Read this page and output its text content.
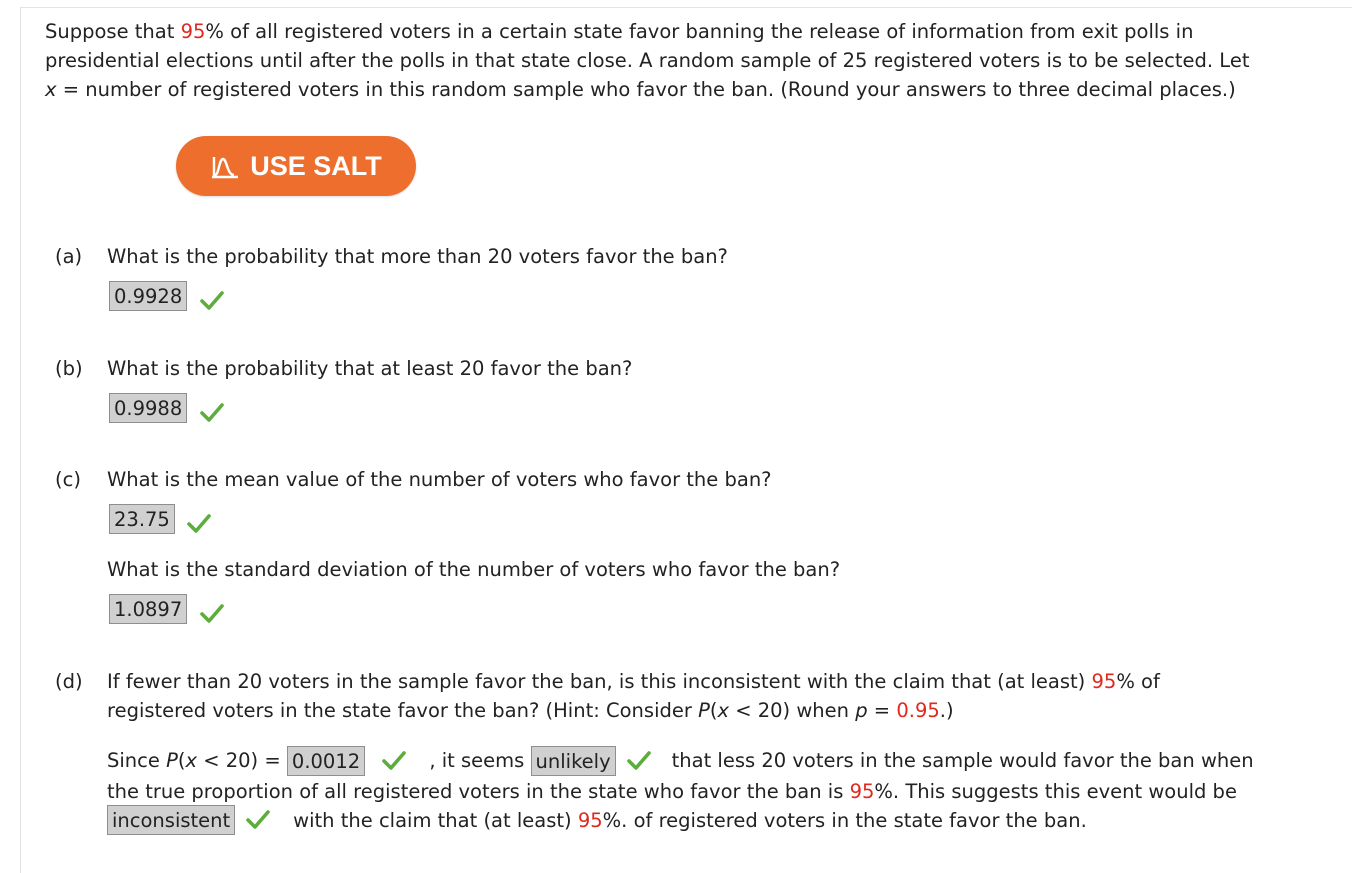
Suppose that 95% of all registered voters in a certain state favor banning the release of information from exit polls in
presidential elections until after the polls in that state close. A random sample of 25 registered voters is to be selected. Let
x = number of registered voters in this random sample who favor the ban. (Round your answers to three decimal places.)
USE SALT
(a) What is the probability that more than 20 voters favor the ban?
0.9928
(b) What is the probability that at least 20 favor the ban?
0.9988
(c) What is the mean value of the number of voters who favor the ban?
23.75
What is the standard deviation of the number of voters who favor the ban?
1.0897
(d) If fewer than 20 voters in the sample favor the ban, is this inconsistent with the claim that (at least) 95% of
registered voters in the state favor the ban? (Hint: Consider P(x < 20) when p = 0.95.)
Since P(x < 20) = 0.0012	, it seems unlikely	that less 20 voters in the sample would favor the ban when
the true proportion of all registered voters in the state who favor the ban is 95%. This suggests this event would be
inconsistent	with the claim that (at least) 95%. of registered voters in the state favor the ban.
